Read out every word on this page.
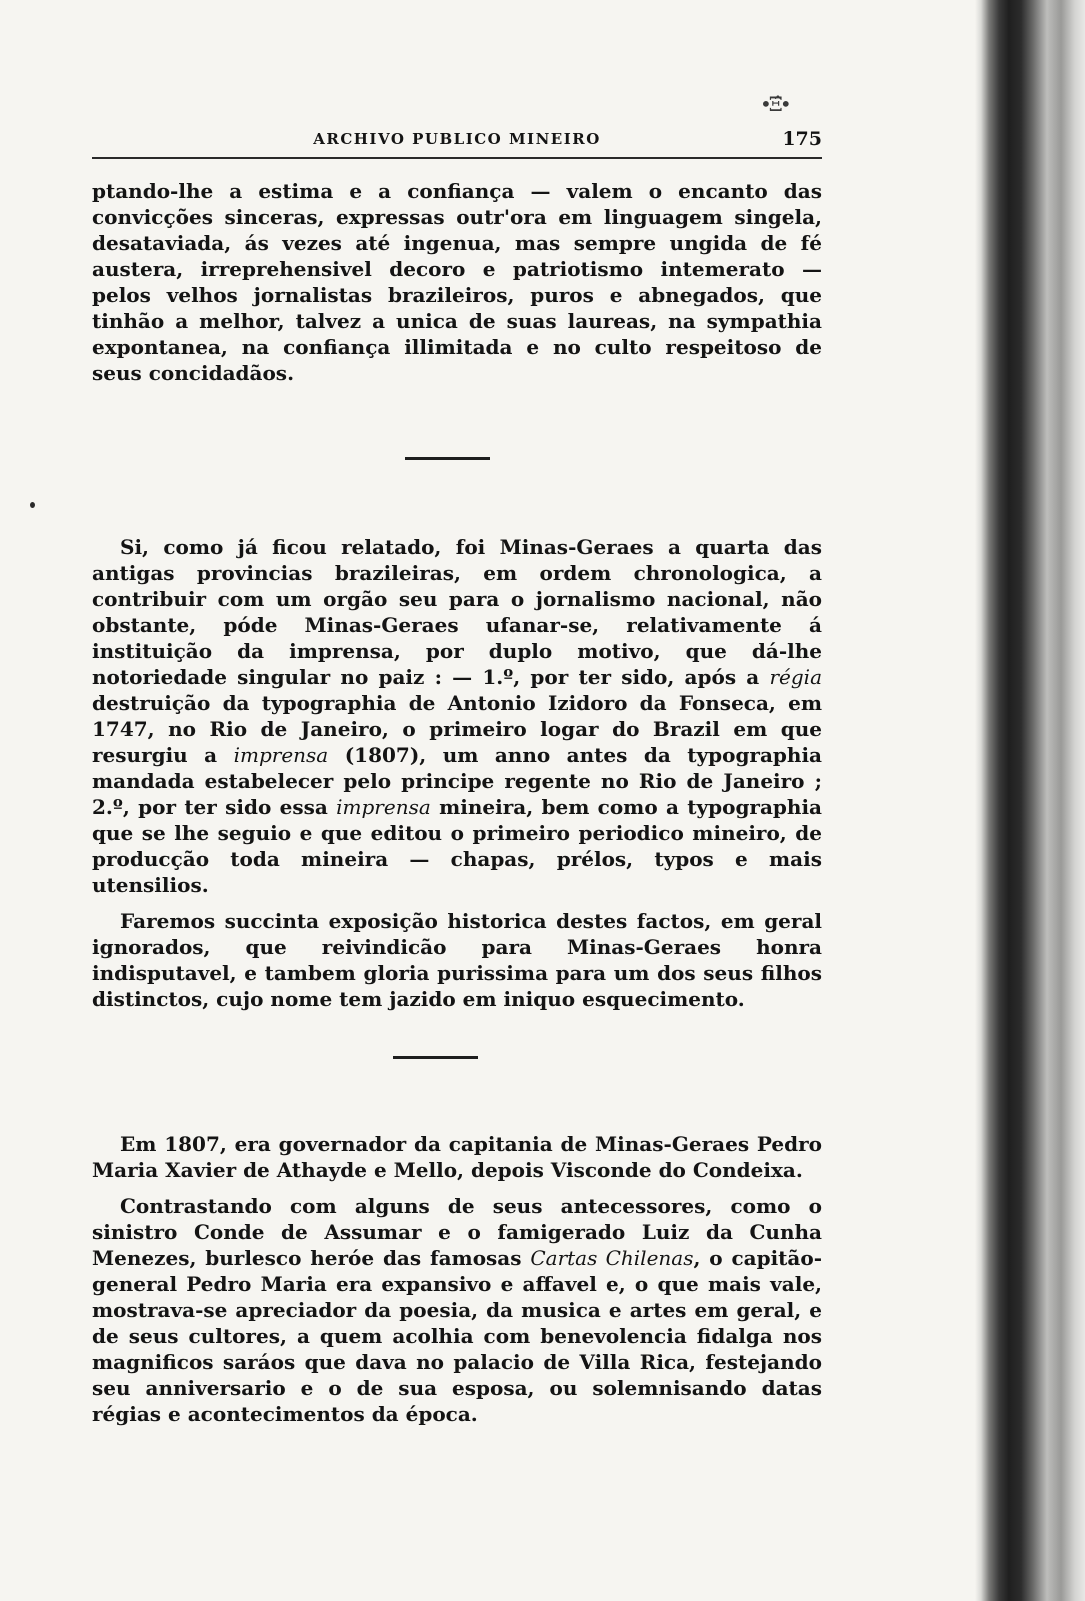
•Ξ̂•
ARCHIVO PUBLICO MINEIRO	175

ptando-lhe a estima e a confiança — valem o encanto das convicções sinceras, expressas outr'ora em linguagem singela, desataviada, ás vezes até ingenua, mas sempre ungida de fé austera, irreprehensivel decoro e patriotismo intemerato — pelos velhos jornalistas brazileiros, puros e abnegados, que tinhão a melhor, talvez a unica de suas laureas, na sympathia expontanea, na confiança illimitada e no culto respeitoso de seus concidadãos.

Si, como já ficou relatado, foi Minas-Geraes a quarta das antigas provincias brazileiras, em ordem chronologica, a contribuir com um orgão seu para o jornalismo nacional, não obstante, póde Minas-Geraes ufanar-se, relativamente á instituição da imprensa, por duplo motivo, que dá-lhe notoriedade singular no paiz : — 1.º, por ter sido, após a régia destruição da typographia de Antonio Izidoro da Fonseca, em 1747, no Rio de Janeiro, o primeiro logar do Brazil em que resurgiu a imprensa (1807), um anno antes da typographia mandada estabelecer pelo principe regente no Rio de Janeiro ; 2.º, por ter sido essa imprensa mineira, bem como a typographia que se lhe seguio e que editou o primeiro periodico mineiro, de producção toda mineira — chapas, prélos, typos e mais utensilios.

Faremos succinta exposição historica destes factos, em geral ignorados, que reivindicão para Minas-Geraes honra indisputavel, e tambem gloria purissima para um dos seus filhos distinctos, cujo nome tem jazido em iniquo esquecimento.

Em 1807, era governador da capitania de Minas-Geraes Pedro Maria Xavier de Athayde e Mello, depois Visconde do Condeixa.

Contrastando com alguns de seus antecessores, como o sinistro Conde de Assumar e o famigerado Luiz da Cunha Menezes, burlesco heróe das famosas Cartas Chilenas, o capitão-general Pedro Maria era expansivo e affavel e, o que mais vale, mostrava-se apreciador da poesia, da musica e artes em geral, e de seus cultores, a quem acolhia com benevolencia fidalga nos magnificos saráos que dava no palacio de Villa Rica, festejando seu anniversario e o de sua esposa, ou solemnisando datas régias e acontecimentos da época.
